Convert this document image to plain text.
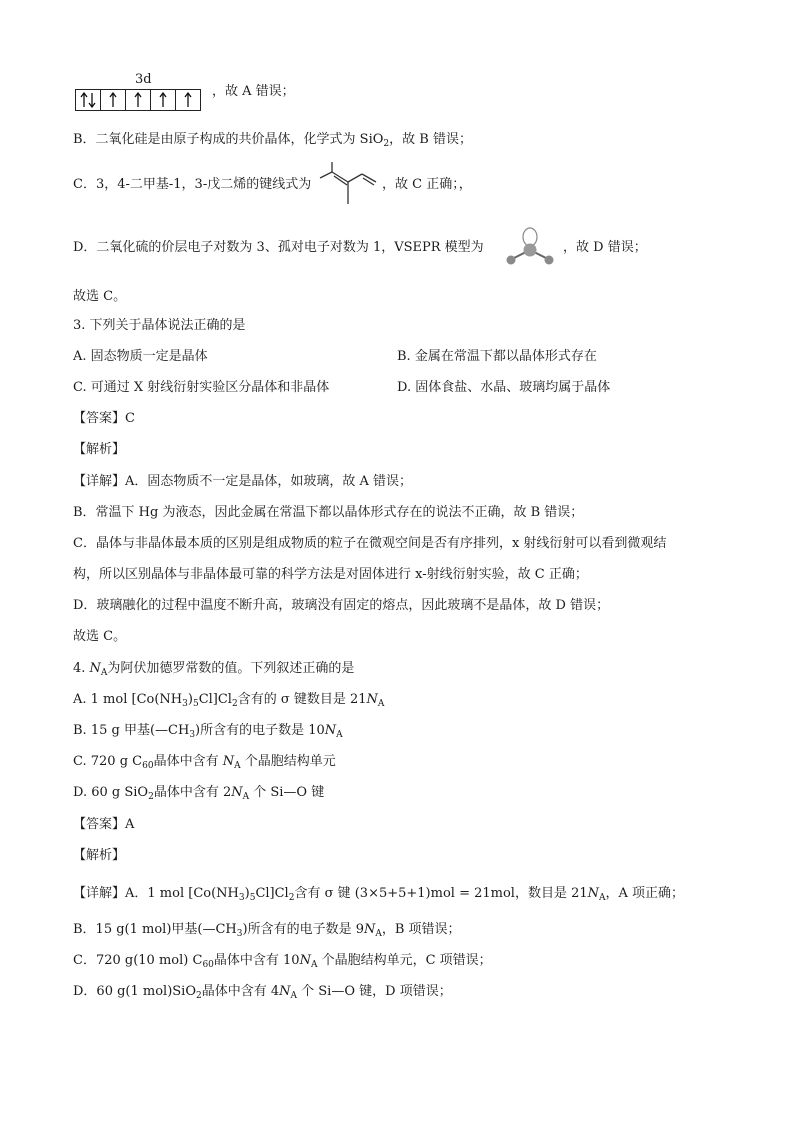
3d
，故 A 错误；
B．二氧化硅是由原子构成的共价晶体，化学式为 SiO$_2$，故 B 错误；
C．3，4-二甲基-1，3-戊二烯的键线式为	，故 C 正确；，
D．二氧化硫的价层电子对数为 3、孤对电子对数为 1，VSEPR 模型为	，故 D 错误；
故选 C。
3. 下列关于晶体说法正确的是
A. 固态物质一定是晶体	B. 金属在常温下都以晶体形式存在
C. 可通过 X 射线衍射实验区分晶体和非晶体	D. 固体食盐、水晶、玻璃均属于晶体
【答案】C
【解析】
【详解】A．固态物质不一定是晶体，如玻璃，故 A 错误；
B．常温下 Hg 为液态，因此金属在常温下都以晶体形式存在的说法不正确，故 B 错误；
C．晶体与非晶体最本质的区别是组成物质的粒子在微观空间是否有序排列，x 射线衍射可以看到微观结
构，所以区别晶体与非晶体最可靠的科学方法是对固体进行 x-射线衍射实验，故 C 正确；
D．玻璃融化的过程中温度不断升高，玻璃没有固定的熔点，因此玻璃不是晶体，故 D 错误；
故选 C。
4. $N_A$为阿伏加德罗常数的值。下列叙述正确的是
A. 1 mol $[Co(NH_3)_5Cl]Cl_2$含有的 σ 键数目是 $21N_A$
B. 15 g 甲基$(—CH_3)$所含有的电子数是 $10N_A$
C. 720 g $C_{60}$晶体中含有 $N_A$ 个晶胞结构单元
D. 60 g SiO$_2$晶体中含有 $2N_A$ 个 Si—O 键
【答案】A
【解析】
【详解】A．1 mol $[Co(NH_3)_5Cl]Cl_2$含有 σ 键 (3×5+5+1)mol = 21mol，数目是 $21N_A$，A 项正确；
B．15 g(1 mol)甲基$(—CH_3)$所含有的电子数是 $9N_A$，B 项错误；
C．720 g(10 mol) $C_{60}$晶体中含有 $10N_A$ 个晶胞结构单元，C 项错误；
D．60 g(1 mol)SiO$_2$晶体中含有 $4N_A$ 个 Si—O 键，D 项错误；
